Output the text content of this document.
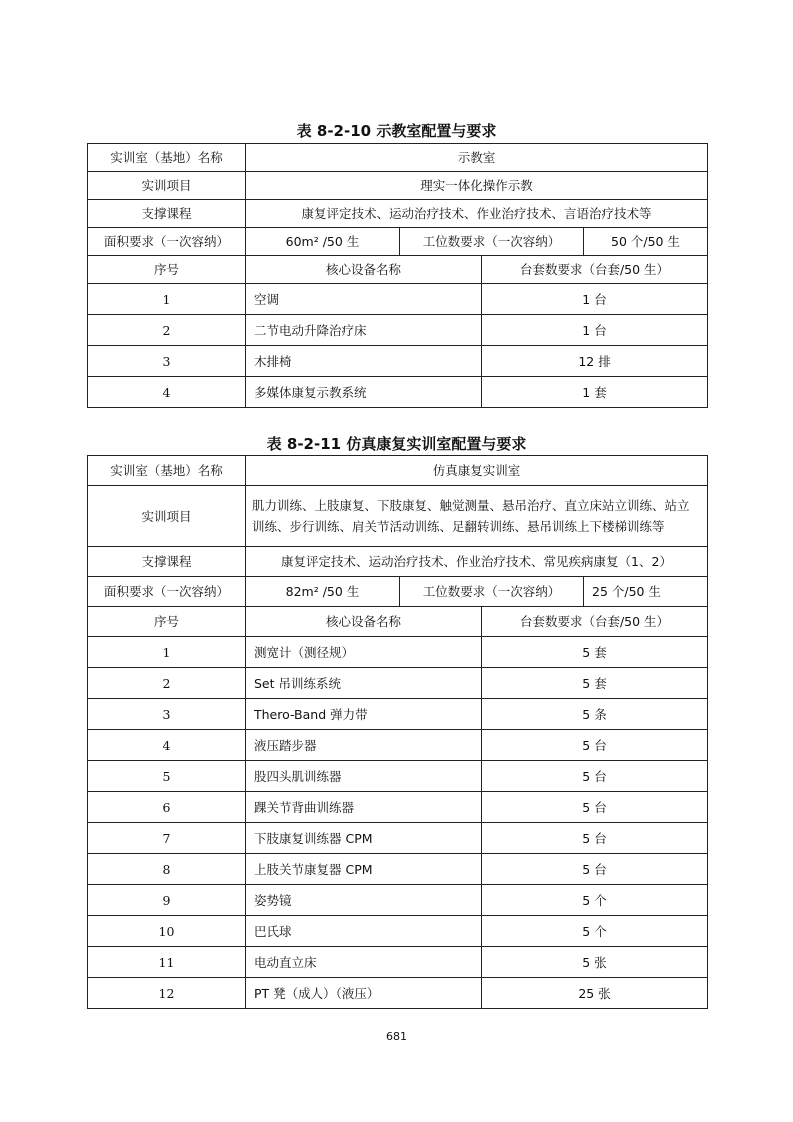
表 8-2-10 示教室配置与要求
实训室（基地）名称	示教室			
实训项目	理实一体化操作示教			
支撑课程	康复评定技术、运动治疗技术、作业治疗技术、言语治疗技术等			
面积要求（一次容纳）	60m² /50 生	工位数要求（一次容纳）		50 个/50 生
序号	核心设备名称		台套数要求（台套/50 生）	
1	空调		1 台	
2	二节电动升降治疗床		1 台	
3	木排椅		12 排	
4	多媒体康复示教系统		1 套	
表 8-2-11 仿真康复实训室配置与要求
实训室（基地）名称	仿真康复实训室			
实训项目	肌力训练、上肢康复、下肢康复、触觉测量、悬吊治疗、直立床站立训练、站立训练、步行训练、肩关节活动训练、足翻转训练、悬吊训练上下楼梯训练等			
支撑课程	康复评定技术、运动治疗技术、作业治疗技术、常见疾病康复（1、2）			
面积要求（一次容纳）	82m² /50 生	工位数要求（一次容纳）		25 个/50 生
序号	核心设备名称		台套数要求（台套/50 生）	
1	测宽计（测径规）		5 套	
2	Set 吊训练系统		5 套	
3	Thero-Band 弹力带		5 条	
4	液压踏步器		5 台	
5	股四头肌训练器		5 台	
6	踝关节背曲训练器		5 台	
7	下肢康复训练器 CPM		5 台	
8	上肢关节康复器 CPM		5 台	
9	姿势镜		5 个	
10	巴氏球		5 个	
11	电动直立床		5 张	
12	PT 凳（成人）（液压）		25 张	
681
